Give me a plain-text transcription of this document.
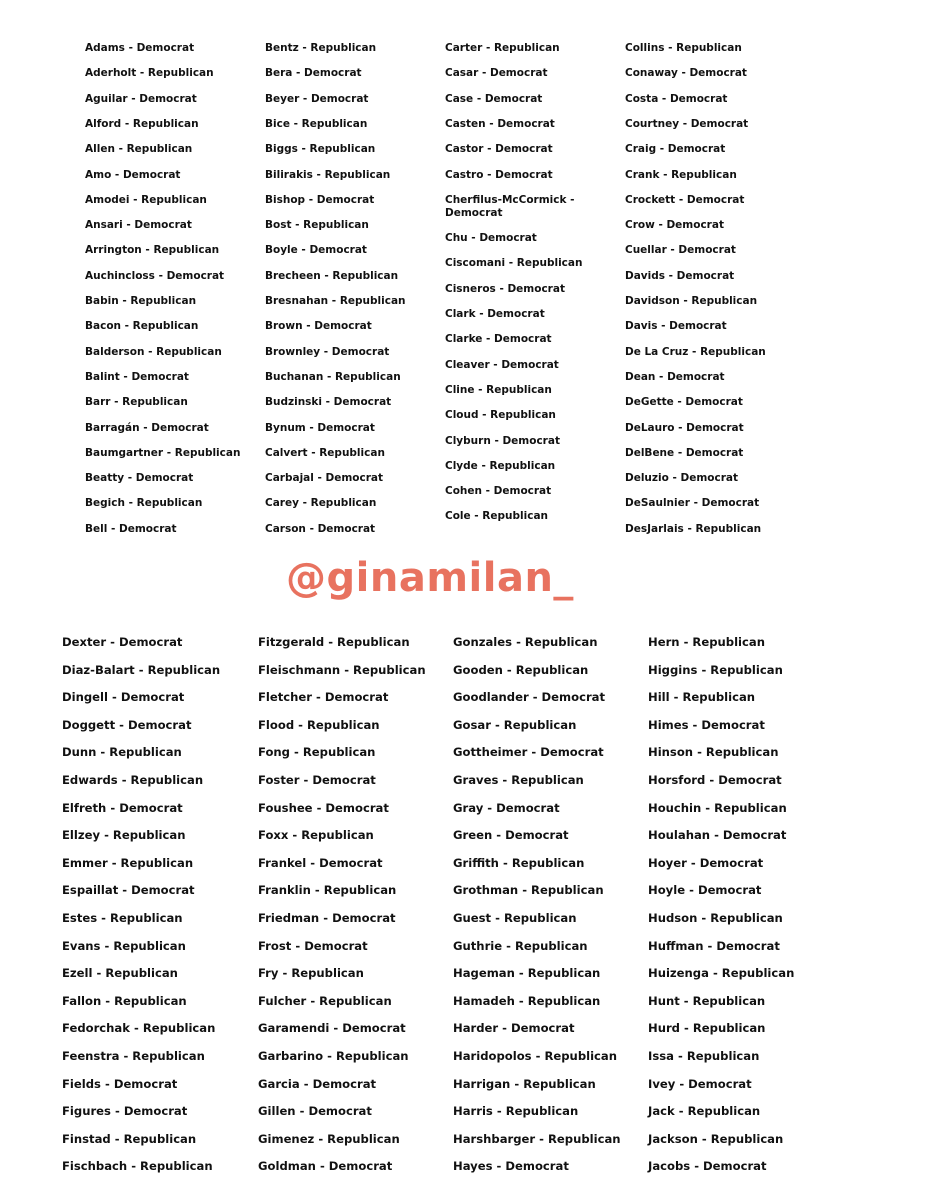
Adams - Democrat
Aderholt - Republican
Aguilar - Democrat
Alford - Republican
Allen - Republican
Amo - Democrat
Amodei - Republican
Ansari - Democrat
Arrington - Republican
Auchincloss - Democrat
Babin - Republican
Bacon - Republican
Balderson - Republican
Balint - Democrat
Barr - Republican
Barragán - Democrat
Baumgartner - Republican
Beatty - Democrat
Begich - Republican
Bell - Democrat
Bentz - Republican
Bera - Democrat
Beyer - Democrat
Bice - Republican
Biggs - Republican
Bilirakis - Republican
Bishop - Democrat
Bost - Republican
Boyle - Democrat
Brecheen - Republican
Bresnahan - Republican
Brown - Democrat
Brownley - Democrat
Buchanan - Republican
Budzinski - Democrat
Bynum - Democrat
Calvert - Republican
Carbajal - Democrat
Carey - Republican
Carson - Democrat
Carter - Republican
Casar - Democrat
Case - Democrat
Casten - Democrat
Castor - Democrat
Castro - Democrat
Cherfilus-McCormick -
Democrat
Chu - Democrat
Ciscomani - Republican
Cisneros - Democrat
Clark - Democrat
Clarke - Democrat
Cleaver - Democrat
Cline - Republican
Cloud - Republican
Clyburn - Democrat
Clyde - Republican
Cohen - Democrat
Cole - Republican
Collins - Republican
Conaway - Democrat
Costa - Democrat
Courtney - Democrat
Craig - Democrat
Crank - Republican
Crockett - Democrat
Crow - Democrat
Cuellar - Democrat
Davids - Democrat
Davidson - Republican
Davis - Democrat
De La Cruz - Republican
Dean - Democrat
DeGette - Democrat
DeLauro - Democrat
DelBene - Democrat
Deluzio - Democrat
DeSaulnier - Democrat
DesJarlais - Republican
@ginamilan_
Dexter - Democrat
Diaz-Balart - Republican
Dingell - Democrat
Doggett - Democrat
Dunn - Republican
Edwards - Republican
Elfreth - Democrat
Ellzey - Republican
Emmer - Republican
Espaillat - Democrat
Estes - Republican
Evans - Republican
Ezell - Republican
Fallon - Republican
Fedorchak - Republican
Feenstra - Republican
Fields - Democrat
Figures - Democrat
Finstad - Republican
Fischbach - Republican
Fitzgerald - Republican
Fleischmann - Republican
Fletcher - Democrat
Flood - Republican
Fong - Republican
Foster - Democrat
Foushee - Democrat
Foxx - Republican
Frankel - Democrat
Franklin - Republican
Friedman - Democrat
Frost - Democrat
Fry - Republican
Fulcher - Republican
Garamendi - Democrat
Garbarino - Republican
Garcia - Democrat
Gillen - Democrat
Gimenez - Republican
Goldman - Democrat
Gonzales - Republican
Gooden - Republican
Goodlander - Democrat
Gosar - Republican
Gottheimer - Democrat
Graves - Republican
Gray - Democrat
Green - Democrat
Griffith - Republican
Grothman - Republican
Guest - Republican
Guthrie - Republican
Hageman - Republican
Hamadeh - Republican
Harder - Democrat
Haridopolos - Republican
Harrigan - Republican
Harris - Republican
Harshbarger - Republican
Hayes - Democrat
Hern - Republican
Higgins - Republican
Hill - Republican
Himes - Democrat
Hinson - Republican
Horsford - Democrat
Houchin - Republican
Houlahan - Democrat
Hoyer - Democrat
Hoyle - Democrat
Hudson - Republican
Huffman - Democrat
Huizenga - Republican
Hunt - Republican
Hurd - Republican
Issa - Republican
Ivey - Democrat
Jack - Republican
Jackson - Republican
Jacobs - Democrat
